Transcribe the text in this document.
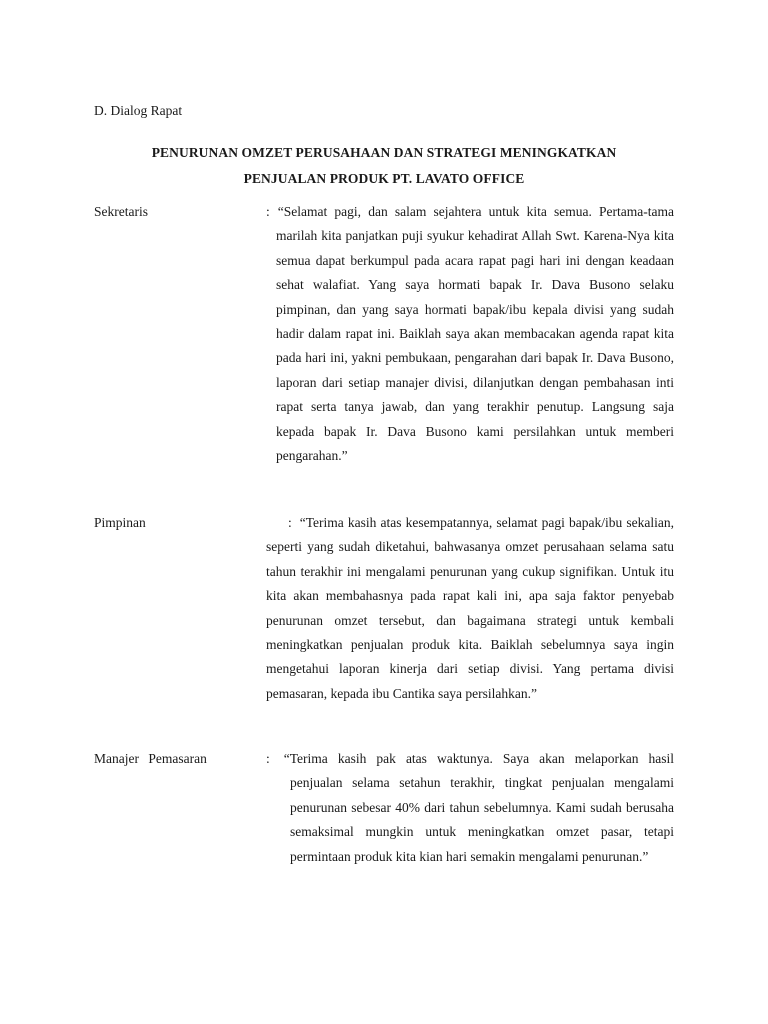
D. Dialog Rapat

PENURUNAN OMZET PERUSAHAAN DAN STRATEGI MENINGKATKAN
PENJUALAN PRODUK PT. LAVATO OFFICE
Sekretaris	: “Selamat pagi, dan salam sejahtera untuk kita semua. Pertama-tama marilah kita panjatkan puji syukur kehadirat Allah Swt. Karena-Nya kita semua dapat berkumpul pada acara rapat pagi hari ini dengan keadaan sehat walafiat. Yang saya hormati bapak Ir. Dava Busono selaku pimpinan, dan yang saya hormati bapak/ibu kepala divisi yang sudah hadir dalam rapat ini. Baiklah saya akan membacakan agenda rapat kita pada hari ini, yakni pembukaan, pengarahan dari bapak Ir. Dava Busono, laporan dari setiap manajer divisi, dilanjutkan dengan pembahasan inti rapat serta tanya jawab, dan yang terakhir penutup. Langsung saja kepada bapak Ir. Dava Busono kami persilahkan untuk memberi pengarahan.”

Pimpinan	: “Terima kasih atas kesempatannya, selamat pagi bapak/ibu sekalian, seperti yang sudah diketahui, bahwasanya omzet perusahaan selama satu tahun terakhir ini mengalami penurunan yang cukup signifikan. Untuk itu kita akan membahasnya pada rapat kali ini, apa saja faktor penyebab penurunan omzet tersebut, dan bagaimana strategi untuk kembali meningkatkan penjualan produk kita. Baiklah sebelumnya saya ingin mengetahui laporan kinerja dari setiap divisi. Yang pertama divisi pemasaran, kepada ibu Cantika saya persilahkan.”

Manajer Pemasaran	: “Terima kasih pak atas waktunya. Saya akan melaporkan hasil penjualan selama setahun terakhir, tingkat penjualan mengalami penurunan sebesar 40% dari tahun sebelumnya. Kami sudah berusaha semaksimal mungkin untuk meningkatkan omzet pasar, tetapi permintaan produk kita kian hari semakin mengalami penurunan.”
